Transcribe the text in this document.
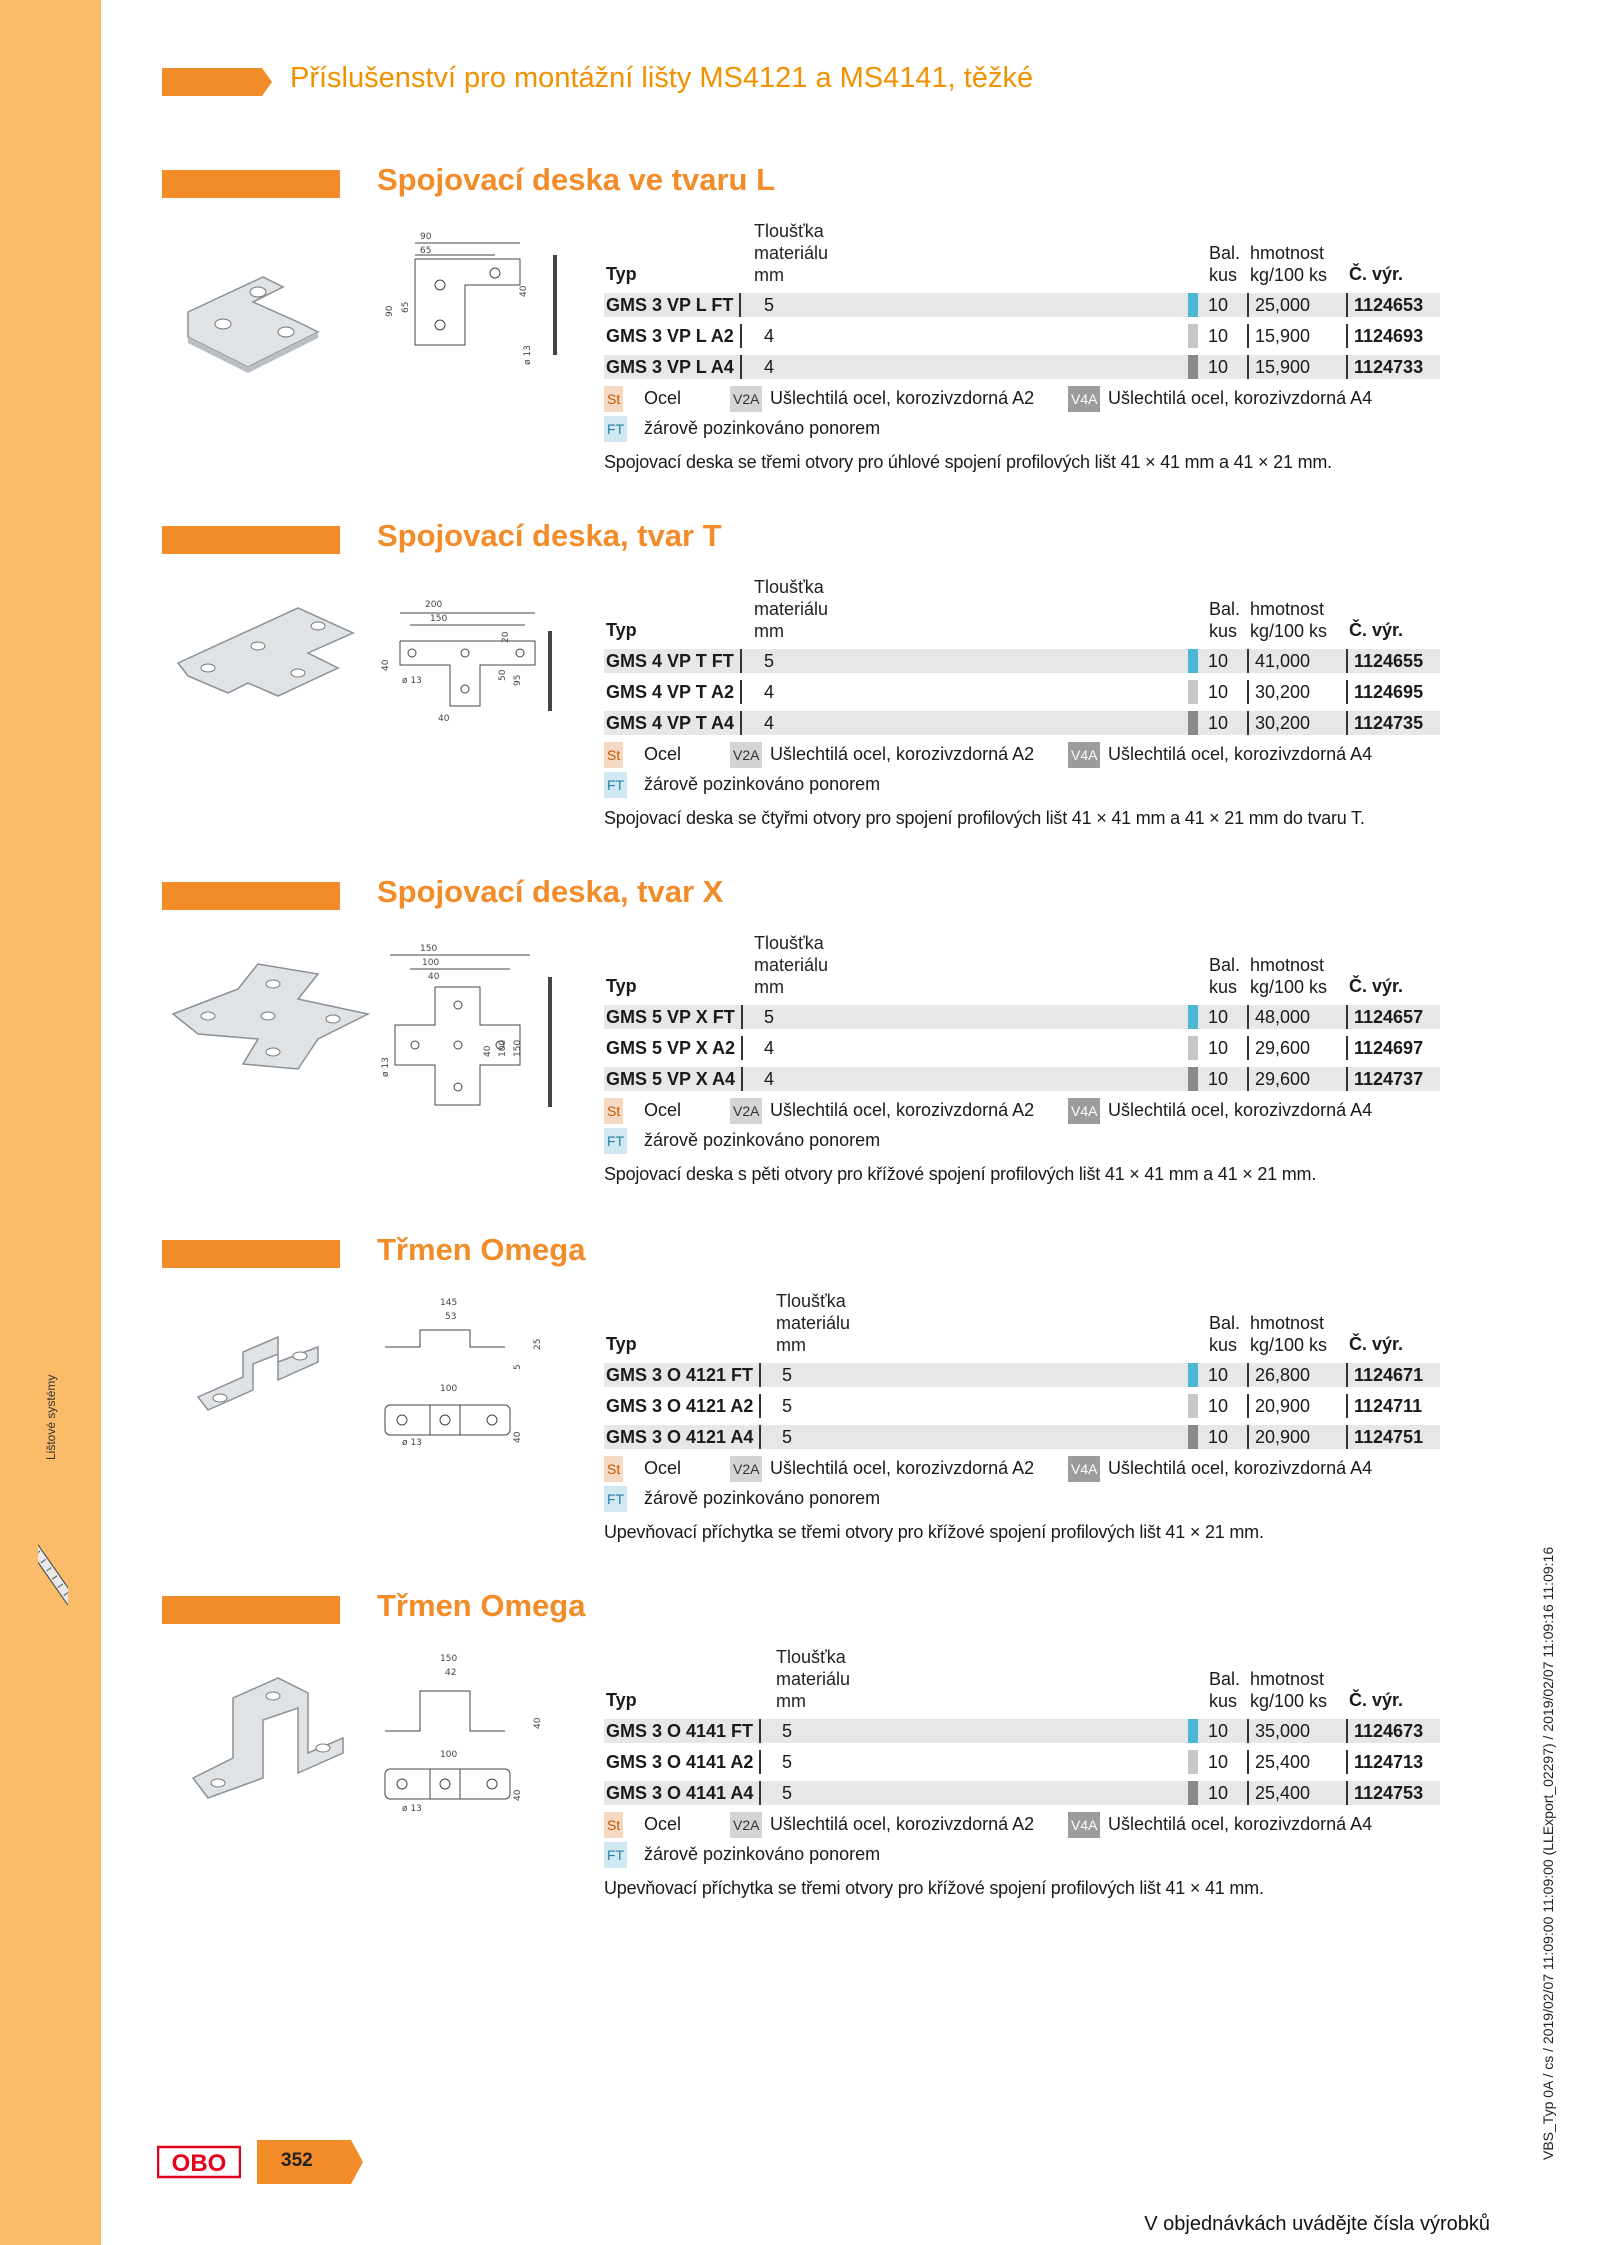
Lištové systémy
VBS_Typ 0A / cs / 2019/02/07 11:09:00 11:09:00 (LLExport_02297) / 2019/02/07 11:09:16 11:09:16
Příslušenství pro montážní lišty MS4121 a MS4141, těžké
Spojovací deska ve tvaru L
90
65
40
90 65
ø 13
Tloušťka
materiálu
mm
Typ
Bal.
kus
hmotnost
kg/100 ks Č. výr.
GMS 3 VP L FT	5	10	25,000	1124653
GMS 3 VP L A2	4	10	15,900	1124693
GMS 3 VP L A4	4	10	15,900	1124733
St Ocel	V2A Ušlechtilá ocel, korozivzdorná A2	V4A Ušlechtilá ocel, korozivzdorná A4
FT žárově pozinkováno ponorem
Spojovací deska se třemi otvory pro úhlové spojení profilových lišt 41 × 41 mm a 41 × 21 mm.
Spojovací deska, tvar T
200
150
20
40
50 95
40
ø 13
Tloušťka
materiálu
mm
Typ
Bal.
kus
hmotnost
kg/100 ks Č. výr.
GMS 4 VP T FT	5	10	41,000	1124655
GMS 4 VP T A2	4	10	30,200	1124695
GMS 4 VP T A4	4	10	30,200	1124735
St Ocel	V2A Ušlechtilá ocel, korozivzdorná A2	V4A Ušlechtilá ocel, korozivzdorná A4
FT žárově pozinkováno ponorem
Spojovací deska se čtyřmi otvory pro spojení profilových lišt 41 × 41 mm a 41 × 21 mm do tvaru T.
Spojovací deska, tvar X
150
100
40
40 100 150
ø 13
Tloušťka
materiálu
mm
Typ
Bal.
kus
hmotnost
kg/100 ks Č. výr.
GMS 5 VP X FT	5	10	48,000	1124657
GMS 5 VP X A2	4	10	29,600	1124697
GMS 5 VP X A4	4	10	29,600	1124737
St Ocel	V2A Ušlechtilá ocel, korozivzdorná A2	V4A Ušlechtilá ocel, korozivzdorná A4
FT žárově pozinkováno ponorem
Spojovací deska s pěti otvory pro křížové spojení profilových lišt 41 × 41 mm a 41 × 21 mm.
Třmen Omega
145
53
25
5
100
40
ø 13
Tloušťka
materiálu
mm
Typ
Bal.
kus
hmotnost
kg/100 ks Č. výr.
GMS 3 O 4121 FT	5	10	26,800	1124671
GMS 3 O 4121 A2	5	10	20,900	1124711
GMS 3 O 4121 A4	5	10	20,900	1124751
St Ocel	V2A Ušlechtilá ocel, korozivzdorná A2	V4A Ušlechtilá ocel, korozivzdorná A4
FT žárově pozinkováno ponorem
Upevňovací příchytka se třemi otvory pro křížové spojení profilových lišt 41 × 21 mm.
Třmen Omega
150
42
40
100
40
ø 13
Tloušťka
materiálu
mm
Typ
Bal.
kus
hmotnost
kg/100 ks Č. výr.
GMS 3 O 4141 FT	5	10	35,000	1124673
GMS 3 O 4141 A2	5	10	25,400	1124713
GMS 3 O 4141 A4	5	10	25,400	1124753
St Ocel	V2A Ušlechtilá ocel, korozivzdorná A2	V4A Ušlechtilá ocel, korozivzdorná A4
FT žárově pozinkováno ponorem
Upevňovací příchytka se třemi otvory pro křížové spojení profilových lišt 41 × 41 mm.
OBO	352
V objednávkách uvádějte čísla výrobků
